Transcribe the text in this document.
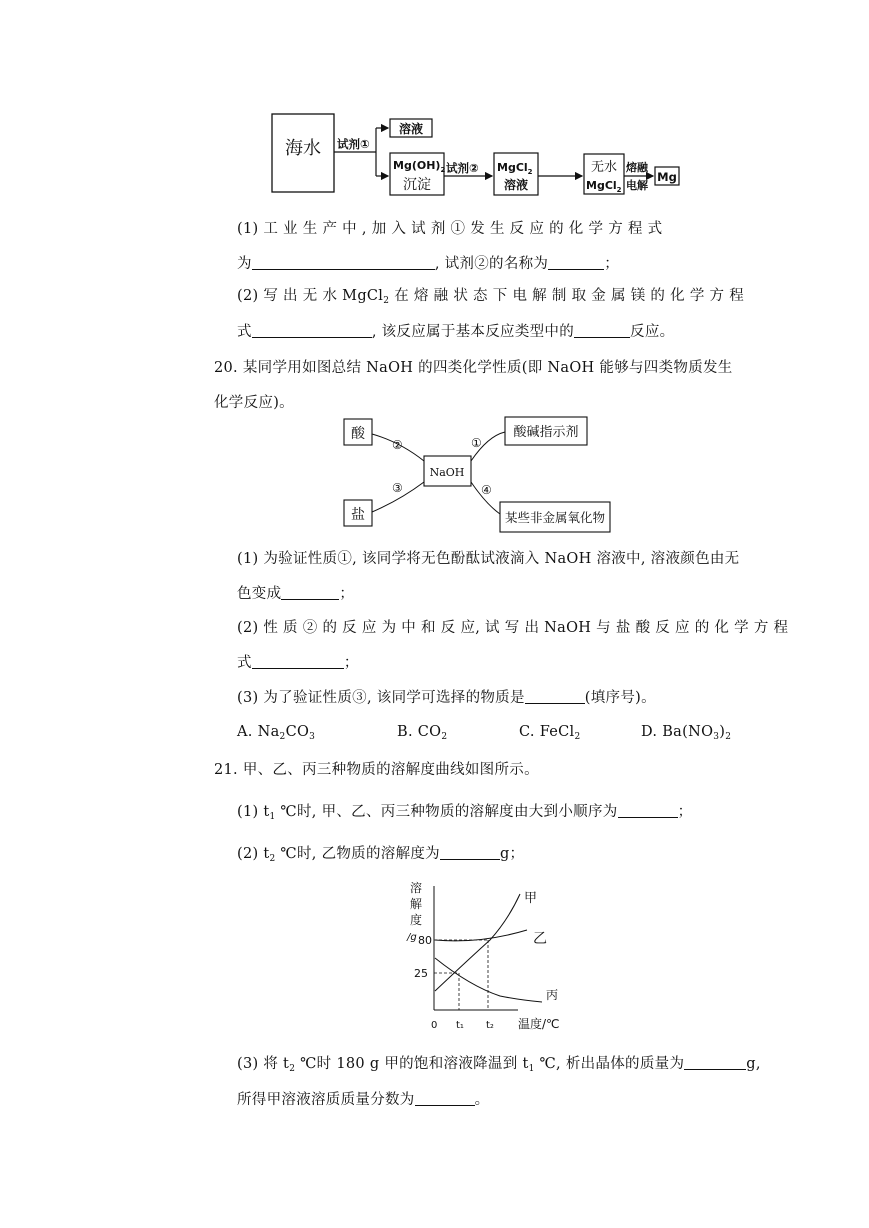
海水 试剂①
溶液
$Mg(OH)_2$
沉淀
试剂② MgCl$_2$
溶液
无水
MgCl$_2$
熔融
电解
Mg
(1) 工 业 生 产 中 , 加 入 试 剂 ① 发 生 反 应 的 化 学 方 程 式
为	, 试剂②的名称为	；
(2) 写 出 无 水 MgCl$_2$ 在 熔 融 状 态 下 电 解 制 取 金 属 镁 的 化 学 方 程
式	, 该反应属于基本反应类型中的	反应。
20. 某同学用如图总结 NaOH 的四类化学性质(即 NaOH 能够与四类物质发生
化学反应)。
酸	酸碱指示剂
NaOH
盐	某些非金属氧化物
②	①
③	④
(1) 为验证性质①, 该同学将无色酚酞试液滴入 NaOH 溶液中, 溶液颜色由无
色变成	；
(2) 性 质 ② 的 反 应 为 中 和 反 应, 试 写 出 NaOH 与 盐 酸 反 应 的 化 学 方 程
式	；
(3) 为了验证性质③, 该同学可选择的物质是	(填序号)。
A. $Na_2CO_3$	B. $CO_2$	C. FeCl$_2$	D. $Ba(NO_3)_2$
21. 甲、乙、丙三种物质的溶解度曲线如图所示。
(1) $t_1$ ℃时, 甲、乙、丙三种物质的溶解度由大到小顺序为	；
(2) $t_2$ ℃时, 乙物质的溶解度为	g；
溶
解
度
/g 80
25
0 t₁ t₂ 温度/℃
甲
乙
丙
(3) 将 $t_2$ ℃时 180 g 甲的饱和溶液降温到 $t_1$ ℃, 析出晶体的质量为	g,
所得甲溶液溶质质量分数为	。
